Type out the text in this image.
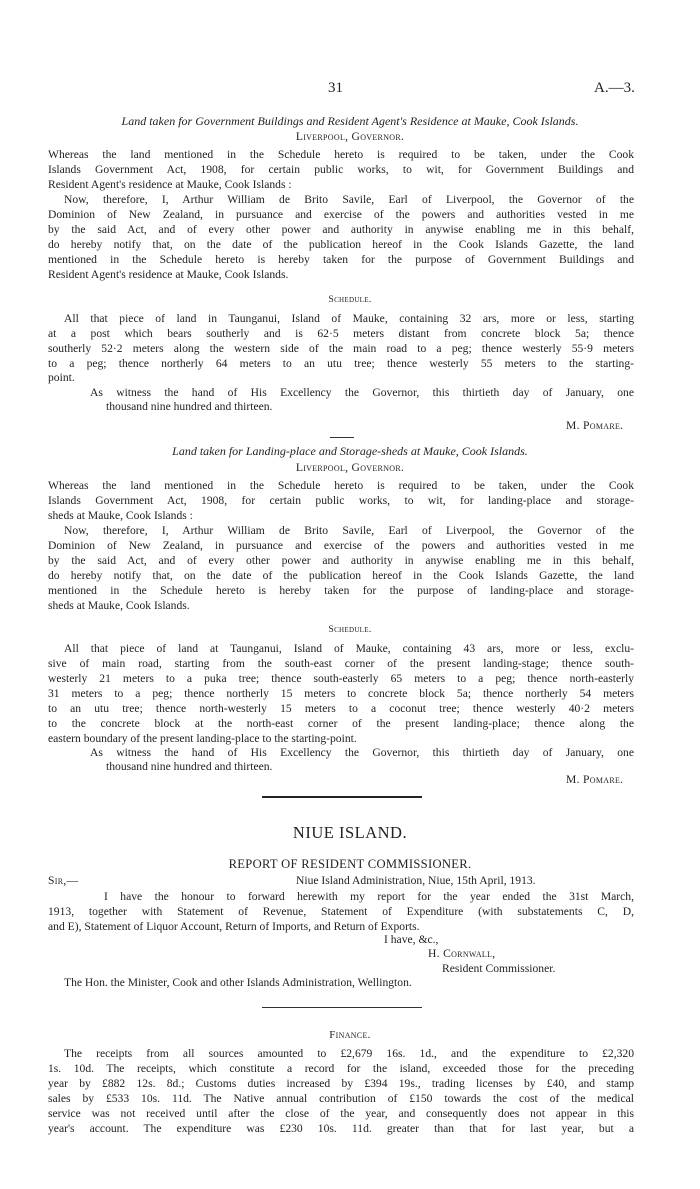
31	A.—3.
Land taken for Government Buildings and Resident Agent's Residence at Mauke, Cook Islands.
Liverpool, Governor.
Whereas the land mentioned in the Schedule hereto is required to be taken, under the Cook
Islands Government Act, 1908, for certain public works, to wit, for Government Buildings and
Resident Agent's residence at Mauke, Cook Islands :
Now, therefore, I, Arthur William de Brito Savile, Earl of Liverpool, the Governor of the
Dominion of New Zealand, in pursuance and exercise of the powers and authorities vested in me
by the said Act, and of every other power and authority in anywise enabling me in this behalf,
do hereby notify that, on the date of the publication hereof in the Cook Islands Gazette, the land
mentioned in the Schedule hereto is hereby taken for the purpose of Government Buildings and
Resident Agent's residence at Mauke, Cook Islands.
Schedule.
All that piece of land in Taunganui, Island of Mauke, containing 32 ars, more or less, starting
at a post which bears southerly and is 62·5 meters distant from concrete block 5a; thence
southerly 52·2 meters along the western side of the main road to a peg; thence westerly 55·9 meters
to a peg; thence northerly 64 meters to an utu tree; thence westerly 55 meters to the starting-
point.
As witness the hand of His Excellency the Governor, this thirtieth day of January, one
thousand nine hundred and thirteen.
M. Pomare.
Land taken for Landing-place and Storage-sheds at Mauke, Cook Islands.
Liverpool, Governor.
Whereas the land mentioned in the Schedule hereto is required to be taken, under the Cook
Islands Government Act, 1908, for certain public works, to wit, for landing-place and storage-
sheds at Mauke, Cook Islands :
Now, therefore, I, Arthur William de Brito Savile, Earl of Liverpool, the Governor of the
Dominion of New Zealand, in pursuance and exercise of the powers and authorities vested in me
by the said Act, and of every other power and authority in anywise enabling me in this behalf,
do hereby notify that, on the date of the publication hereof in the Cook Islands Gazette, the land
mentioned in the Schedule hereto is hereby taken for the purpose of landing-place and storage-
sheds at Mauke, Cook Islands.
Schedule.
All that piece of land at Taunganui, Island of Mauke, containing 43 ars, more or less, exclu-
sive of main road, starting from the south-east corner of the present landing-stage; thence south-
westerly 21 meters to a puka tree; thence south-easterly 65 meters to a peg; thence north-easterly
31 meters to a peg; thence northerly 15 meters to concrete block 5a; thence northerly 54 meters
to an utu tree; thence north-westerly 15 meters to a coconut tree; thence westerly 40·2 meters
to the concrete block at the north-east corner of the present landing-place; thence along the
eastern boundary of the present landing-place to the starting-point.
As witness the hand of His Excellency the Governor, this thirtieth day of January, one
thousand nine hundred and thirteen.
M. Pomare.
NIUE ISLAND.
REPORT OF RESIDENT COMMISSIONER.
Sir,—	Niue Island Administration, Niue, 15th April, 1913.
I have the honour to forward herewith my report for the year ended the 31st March,
1913, together with Statement of Revenue, Statement of Expenditure (with substatements C, D,
and E), Statement of Liquor Account, Return of Imports, and Return of Exports.
I have, &c.,
H. Cornwall,
Resident Commissioner.
The Hon. the Minister, Cook and other Islands Administration, Wellington.
Finance.
The receipts from all sources amounted to £2,679 16s. 1d., and the expenditure to £2,320
1s. 10d. The receipts, which constitute a record for the island, exceeded those for the preceding
year by £882 12s. 8d.; Customs duties increased by £394 19s., trading licenses by £40, and stamp
sales by £533 10s. 11d. The Native annual contribution of £150 towards the cost of the medical
service was not received until after the close of the year, and consequently does not appear in this
year's account. The expenditure was £230 10s. 11d. greater than that for last year, but a
